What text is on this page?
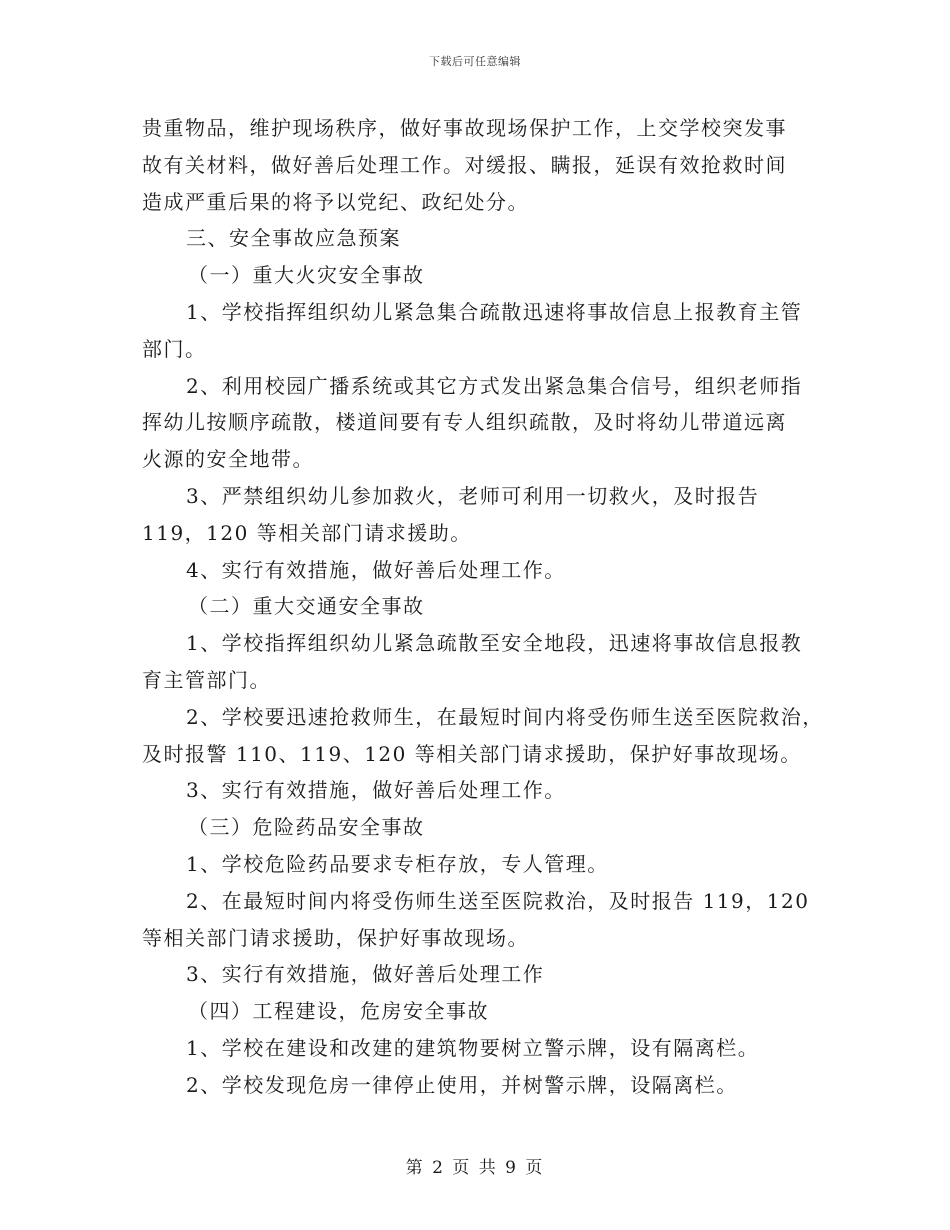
下载后可任意编辑
贵重物品，维护现场秩序，做好事故现场保护工作，上交学校突发事
故有关材料，做好善后处理工作。对缓报、瞒报，延误有效抢救时间
造成严重后果的将予以党纪、政纪处分。
三、安全事故应急预案
（一）重大火灾安全事故
1、学校指挥组织幼儿紧急集合疏散迅速将事故信息上报教育主管
部门。
2、利用校园广播系统或其它方式发出紧急集合信号，组织老师指
挥幼儿按顺序疏散，楼道间要有专人组织疏散，及时将幼儿带道远离
火源的安全地带。
3、严禁组织幼儿参加救火，老师可利用一切救火，及时报告
119，120 等相关部门请求援助。
4、实行有效措施，做好善后处理工作。
（二）重大交通安全事故
1、学校指挥组织幼儿紧急疏散至安全地段，迅速将事故信息报教
育主管部门。
2、学校要迅速抢救师生，在最短时间内将受伤师生送至医院救治，
及时报警 110、119、120 等相关部门请求援助，保护好事故现场。
3、实行有效措施，做好善后处理工作。
（三）危险药品安全事故
1、学校危险药品要求专柜存放，专人管理。
2、在最短时间内将受伤师生送至医院救治，及时报告 119，120
等相关部门请求援助，保护好事故现场。
3、实行有效措施，做好善后处理工作
（四）工程建设，危房安全事故
1、学校在建设和改建的建筑物要树立警示牌，设有隔离栏。
2、学校发现危房一律停止使用，并树警示牌，设隔离栏。
第 2 页 共 9 页
